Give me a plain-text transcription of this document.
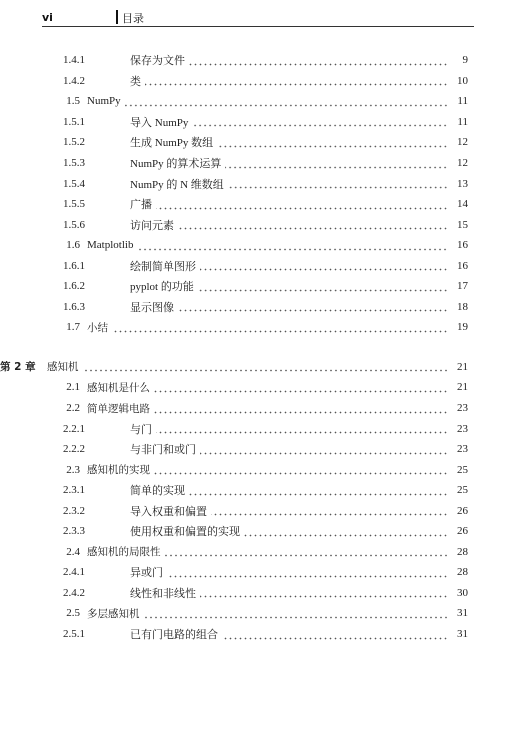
vi	目录
1.4.1	保存为文件	9
1.4.2	类	10
1.5 NumPy	11
1.5.1	导入 NumPy	11
1.5.2	生成 NumPy 数组	12
1.5.3	NumPy 的算术运算	12
1.5.4	NumPy 的 N 维数组	13
1.5.5	广播	14
1.5.6	访问元素	15
1.6 Matplotlib	16
1.6.1	绘制简单图形	16
1.6.2	pyplot 的功能	17
1.6.3	显示图像	18
1.7 小结	19
第 2 章	感知机	21
2.1 感知机是什么	21
2.2 简单逻辑电路	23
2.2.1	与门	23
2.2.2	与非门和或门	23
2.3 感知机的实现	25
2.3.1	简单的实现	25
2.3.2	导入权重和偏置	26
2.3.3	使用权重和偏置的实现	26
2.4 感知机的局限性	28
2.4.1	异或门	28
2.4.2	线性和非线性	30
2.5 多层感知机	31
2.5.1	已有门电路的组合	31
